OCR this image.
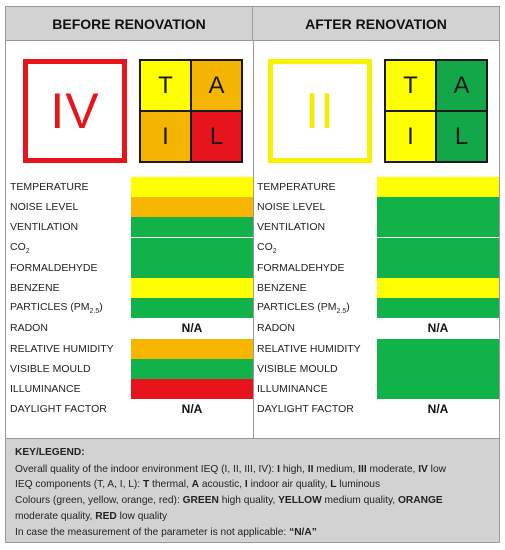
BEFORE RENOVATION	AFTER RENOVATION
IV	T	A
I	L	II	T	A
I	L
TEMPERATURE	TEMPERATURE
NOISE LEVEL	NOISE LEVEL
VENTILATION	VENTILATION
$CO_2$	$CO_2$
FORMALDEHYDE	FORMALDEHYDE
BENZENE	BENZENE
PARTICLES $(PM_{2.5})$	PARTICLES $(PM_{2.5})$
RADON	N/A	RADON	N/A
RELATIVE HUMIDITY	RELATIVE HUMIDITY
VISIBLE MOULD	VISIBLE MOULD
ILLUMINANCE	ILLUMINANCE
DAYLIGHT FACTOR	N/A	DAYLIGHT FACTOR	N/A
KEY/LEGEND:
Overall quality of the indoor environment IEQ (I, II, III, IV): I high, II medium, III moderate, IV low
IEQ components (T, A, I, L): T thermal, A acoustic, I indoor air quality, L luminous
Colours (green, yellow, orange, red): GREEN high quality, YELLOW medium quality, ORANGE
moderate quality, RED low quality
In case the measurement of the parameter is not applicable: “N/A”
